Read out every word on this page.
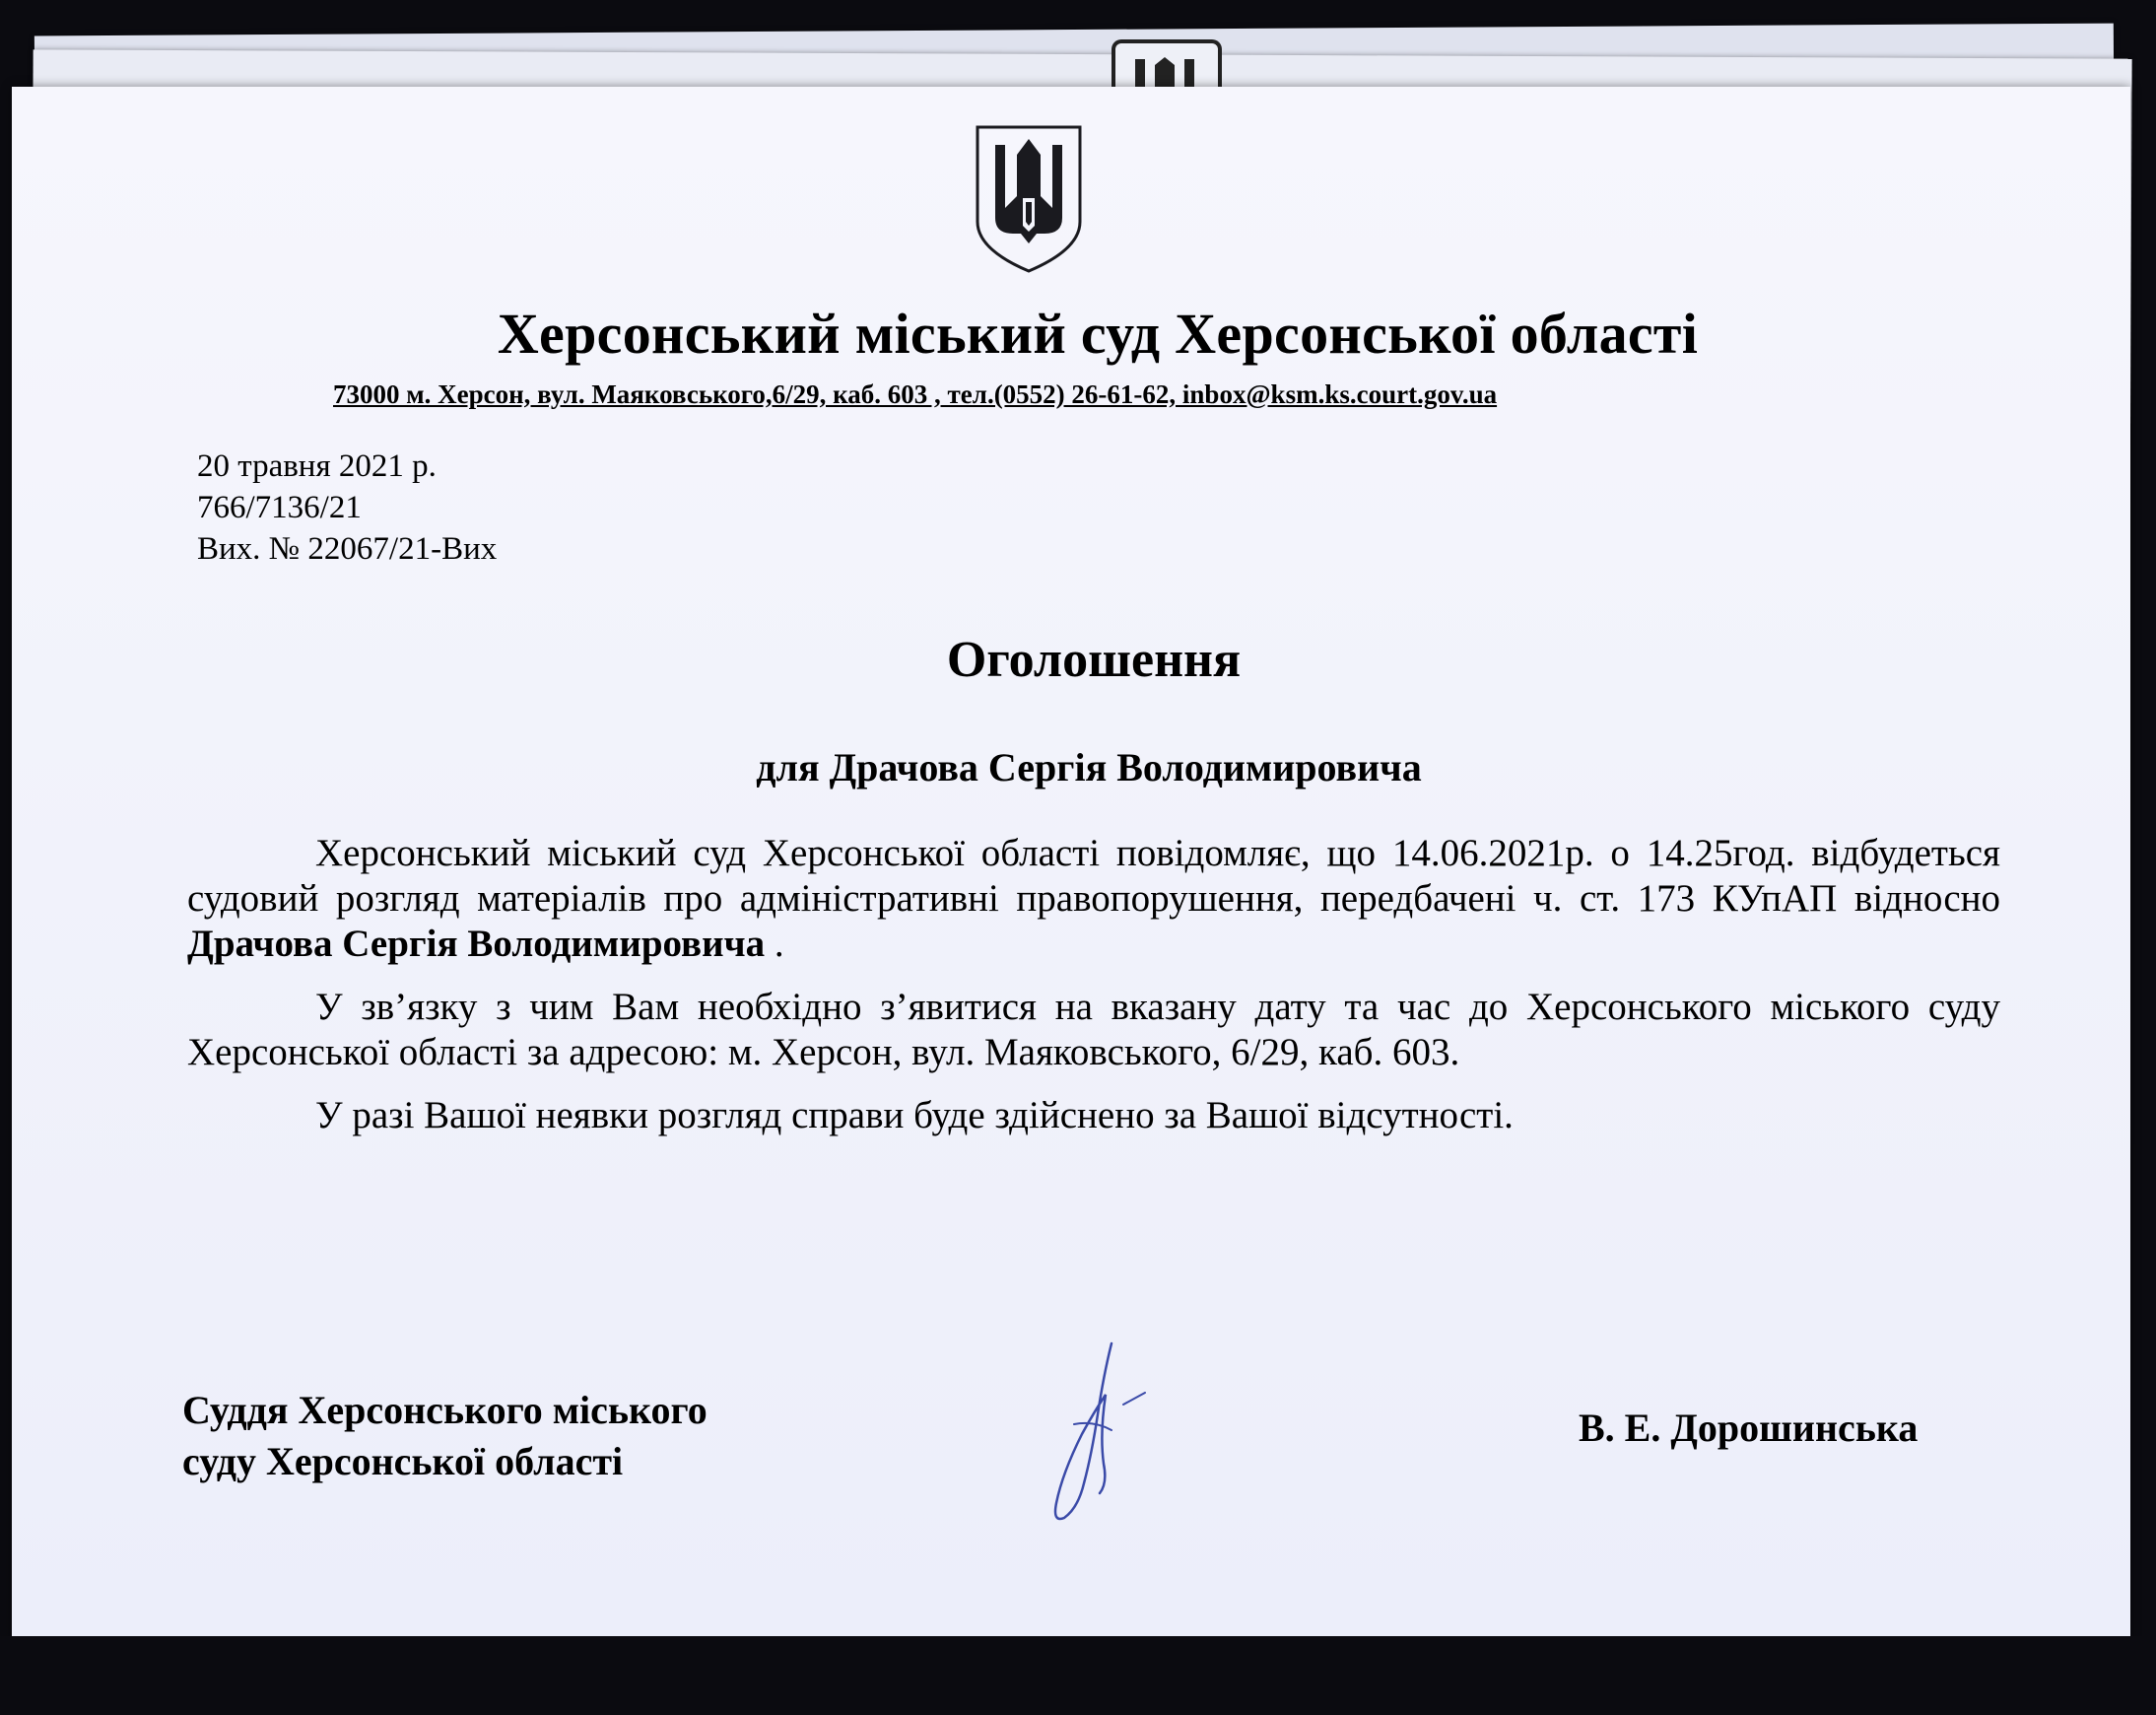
Херсонський міський суд Херсонської області
73000 м. Херсон, вул. Маяковського,6/29, каб. 603 , тел.(0552) 26-61-62, inbox@ksm.ks.court.gov.ua
20 травня 2021 р.
766/7136/21
Вих. № 22067/21-Вих
Оголошення
для Драчова Сергія Володимировича

Херсонський міський суд Херсонської області повідомляє, що 14.06.2021р. о 14.25год. відбудеться судовий розгляд матеріалів про адміністративні правопорушення, передбачені ч. ст. 173 КУпАП відносно Драчова Сергія Володимировича .

У зв’язку з чим Вам необхідно з’явитися на вказану дату та час до Херсонського міського суду Херсонської області за адресою: м. Херсон, вул. Маяковського, 6/29, каб. 603.

У разі Вашої неявки розгляд справи буде здійснено за Вашої відсутності.

Суддя Херсонського міського
суду Херсонської області
В. Е. Дорошинська
